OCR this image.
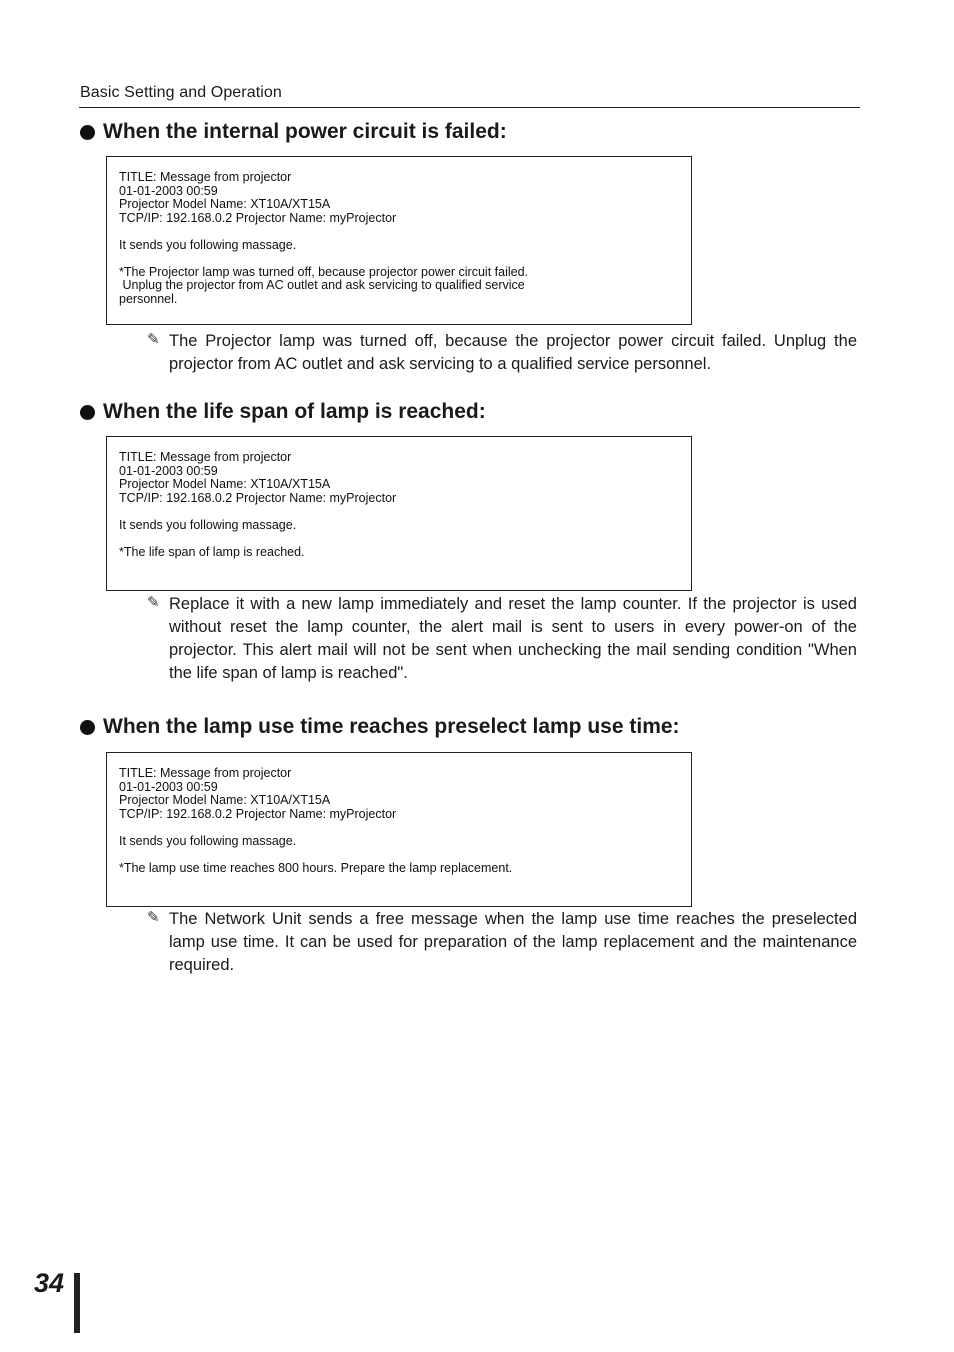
Basic Setting and Operation
When the internal power circuit is failed:
TITLE: Message from projector
01-01-2003 00:59
Projector Model Name: XT10A/XT15A
TCP/IP: 192.168.0.2 Projector Name: myProjector
It sends you following massage.
*The Projector lamp was turned off, because projector power circuit failed.
Unplug the projector from AC outlet and ask servicing to qualified service
personnel.
✎ The Projector lamp was turned off, because the projector power circuit failed. Unplug the projector from AC outlet and ask servicing to a qualified service personnel.
When the life span of lamp is reached:
TITLE: Message from projector
01-01-2003 00:59
Projector Model Name: XT10A/XT15A
TCP/IP: 192.168.0.2 Projector Name: myProjector
It sends you following massage.
*The life span of lamp is reached.
✎ Replace it with a new lamp immediately and reset the lamp counter. If the projector is used without reset the lamp counter, the alert mail is sent to users in every power-on of the projector. This alert mail will not be sent when unchecking the mail sending condition "When the life span of lamp is reached".
When the lamp use time reaches preselect lamp use time:
TITLE: Message from projector
01-01-2003 00:59
Projector Model Name: XT10A/XT15A
TCP/IP: 192.168.0.2 Projector Name: myProjector
It sends you following massage.
*The lamp use time reaches 800 hours. Prepare the lamp replacement.
✎ The Network Unit sends a free message when the lamp use time reaches the preselected lamp use time. It can be used for preparation of the lamp replacement and the maintenance required.
34
